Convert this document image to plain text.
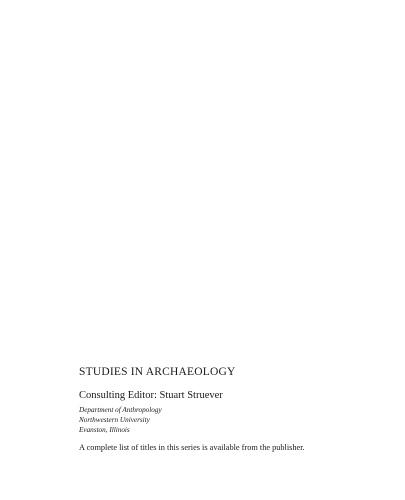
STUDIES IN ARCHAEOLOGY
Consulting Editor: Stuart Struever
Department of Anthropology
Northwestern University
Evanston, Illinois
A complete list of titles in this series is available from the publisher.
